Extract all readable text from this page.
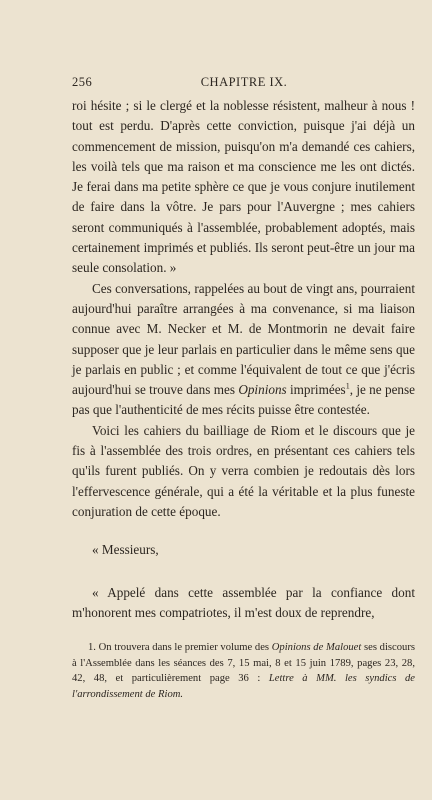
256	CHAPITRE IX.

roi hésite ; si le clergé et la noblesse résistent, malheur à nous ! tout est perdu. D'après cette conviction, puisque j'ai déjà un commencement de mission, puisqu'on m'a demandé ces cahiers, les voilà tels que ma raison et ma conscience me les ont dictés. Je ferai dans ma petite sphère ce que je vous conjure inutilement de faire dans la vôtre. Je pars pour l'Auvergne ; mes cahiers seront communiqués à l'assemblée, probablement adoptés, mais certainement imprimés et publiés. Ils seront peut-être un jour ma seule consolation. »

Ces conversations, rappelées au bout de vingt ans, pourraient aujourd'hui paraître arrangées à ma convenance, si ma liaison connue avec M. Necker et M. de Montmorin ne devait faire supposer que je leur parlais en particulier dans le même sens que je parlais en public ; et comme l'équivalent de tout ce que j'écris aujourd'hui se trouve dans mes Opinions imprimées$^1$, je ne pense pas que l'authenticité de mes récits puisse être contestée.

Voici les cahiers du bailliage de Riom et le discours que je fis à l'assemblée des trois ordres, en présentant ces cahiers tels qu'ils furent publiés. On y verra combien je redoutais dès lors l'effervescence générale, qui a été la véritable et la plus funeste conjuration de cette époque.

« Messieurs,

« Appelé dans cette assemblée par la confiance dont m'honorent mes compatriotes, il m'est doux de reprendre,

1. On trouvera dans le premier volume des Opinions de Malouet ses discours à l'Assemblée dans les séances des 7, 15 mai, 8 et 15 juin 1789, pages 23, 28, 42, 48, et particulièrement page 36 : Lettre à MM. les syndics de l'arrondissement de Riom.
